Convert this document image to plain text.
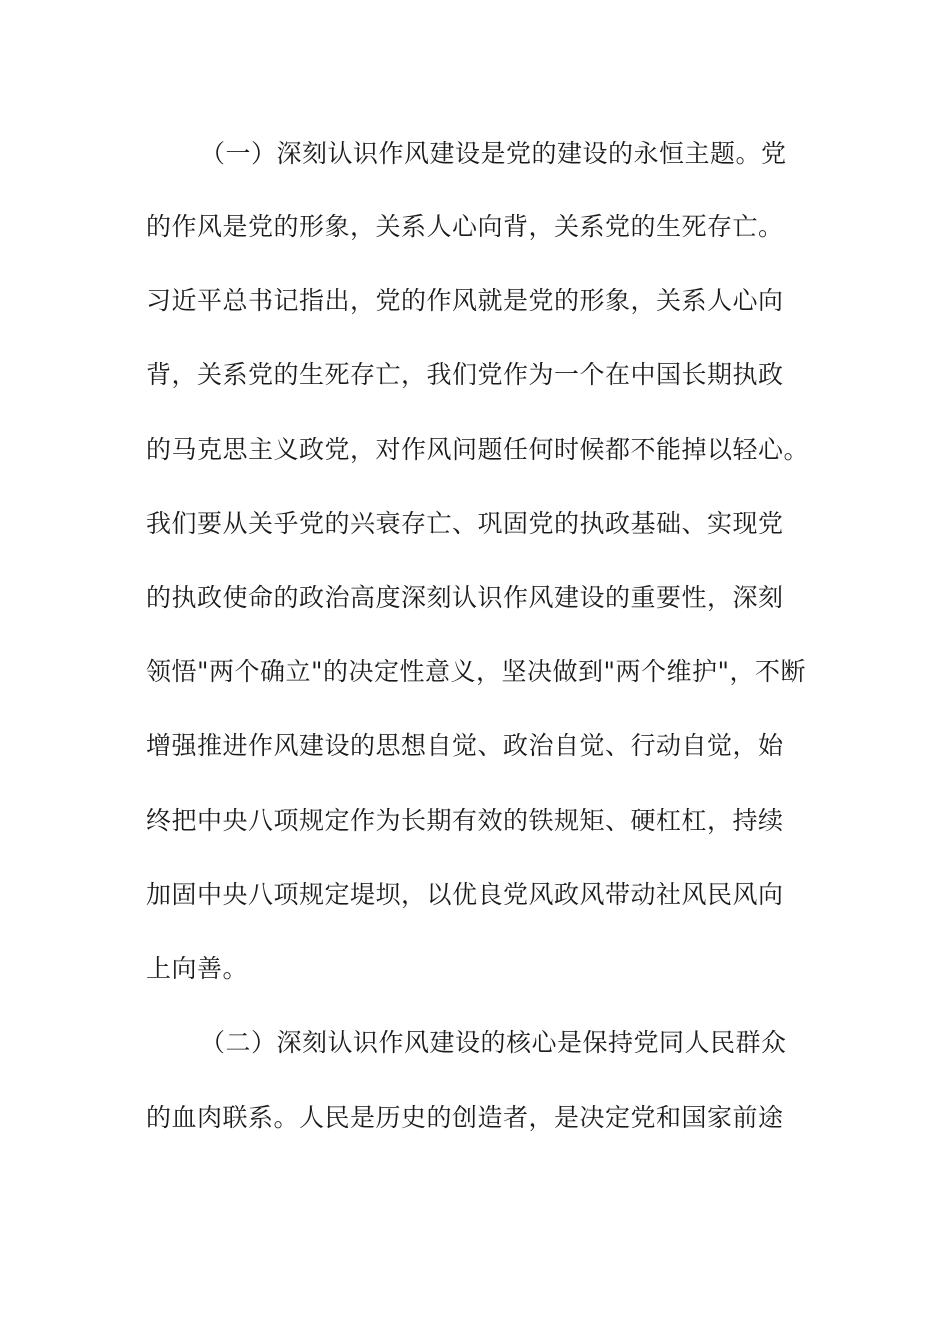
（一）深刻认识作风建设是党的建设的永恒主题。党

的作风是党的形象，关系人心向背，关系党的生死存亡。

习近平总书记指出，党的作风就是党的形象，关系人心向

背，关系党的生死存亡，我们党作为一个在中国长期执政

的马克思主义政党，对作风问题任何时候都不能掉以轻心。

我们要从关乎党的兴衰存亡、巩固党的执政基础、实现党

的执政使命的政治高度深刻认识作风建设的重要性，深刻

领悟"两个确立"的决定性意义，坚决做到"两个维护"，不断

增强推进作风建设的思想自觉、政治自觉、行动自觉，始

终把中央八项规定作为长期有效的铁规矩、硬杠杠，持续

加固中央八项规定堤坝，以优良党风政风带动社风民风向

上向善。

（二）深刻认识作风建设的核心是保持党同人民群众

的血肉联系。人民是历史的创造者，是决定党和国家前途
